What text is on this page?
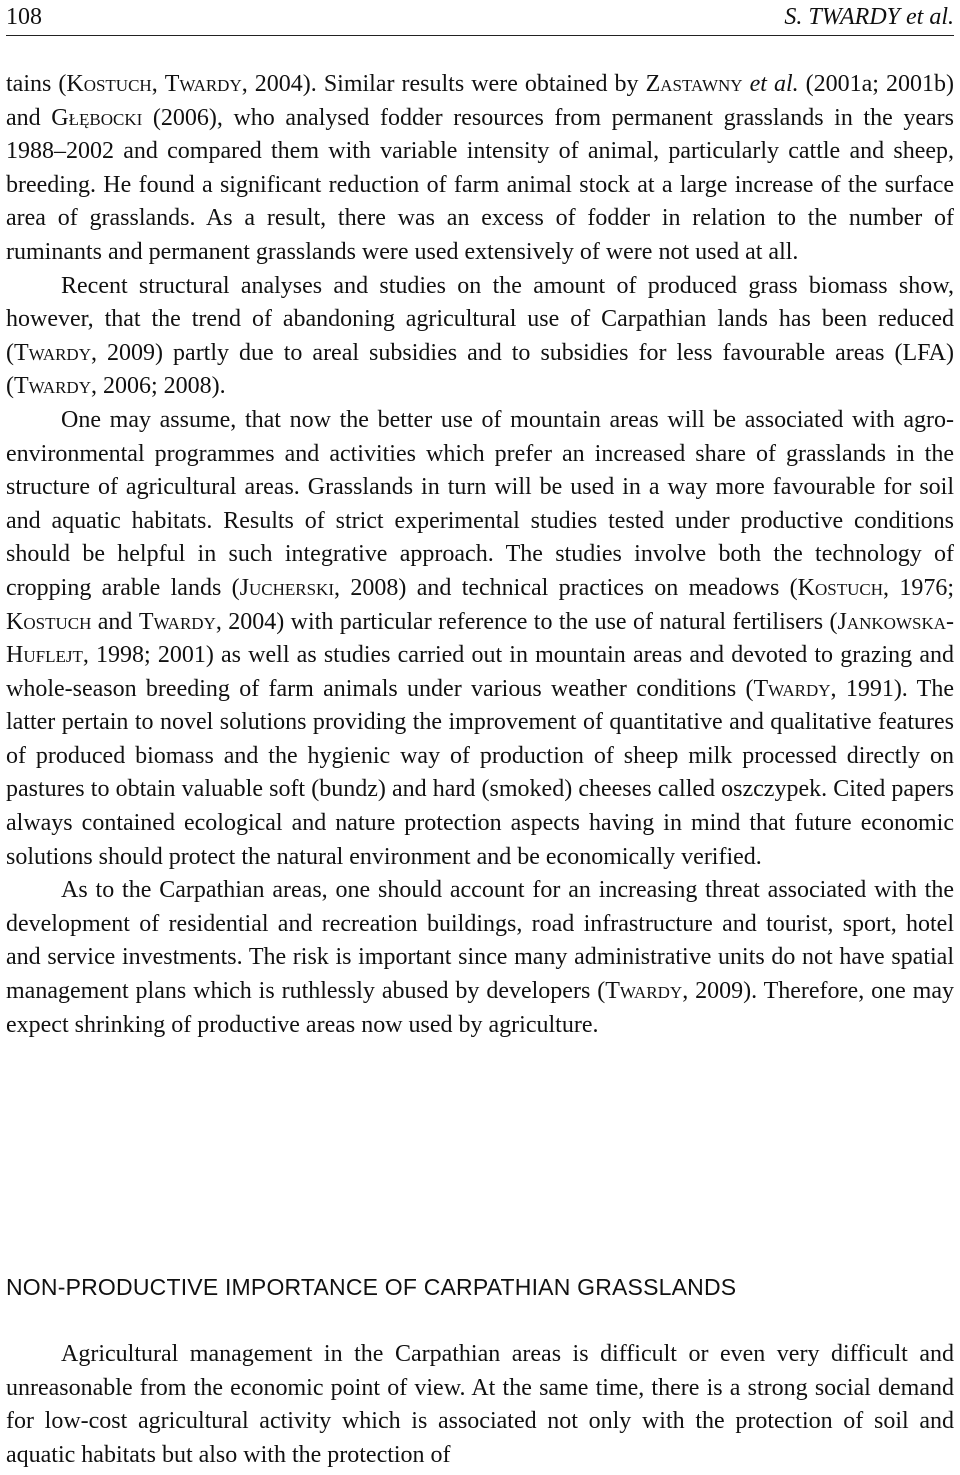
108	S. TWARDY et al.

tains (Kostuch, Twardy, 2004). Similar results were obtained by Zastawny et al. (2001a; 2001b) and Głębocki (2006), who analysed fodder resources from permanent grasslands in the years 1988–2002 and compared them with variable intensity of animal, particularly cattle and sheep, breeding. He found a significant reduction of farm animal stock at a large increase of the surface area of grasslands. As a result, there was an excess of fodder in relation to the number of ruminants and permanent grasslands were used extensively of were not used at all.

Recent structural analyses and studies on the amount of produced grass biomass show, however, that the trend of abandoning agricultural use of Carpathian lands has been reduced (Twardy, 2009) partly due to areal subsidies and to subsidies for less favourable areas (LFA) (Twardy, 2006; 2008).

One may assume, that now the better use of mountain areas will be associated with agro-environmental programmes and activities which prefer an increased share of grasslands in the structure of agricultural areas. Grasslands in turn will be used in a way more favourable for soil and aquatic habitats. Results of strict experimental studies tested under productive conditions should be helpful in such integrative approach. The studies involve both the technology of cropping arable lands (Jucherski, 2008) and technical practices on meadows (Kostuch, 1976; Kostuch and Twardy, 2004) with particular reference to the use of natural fertilisers (Jankowska-Huflejt, 1998; 2001) as well as studies carried out in mountain areas and devoted to grazing and whole-season breeding of farm animals under various weather conditions (Twardy, 1991). The latter pertain to novel solutions providing the improvement of quantitative and qualitative features of produced biomass and the hygienic way of production of sheep milk processed directly on pastures to obtain valuable soft (bundz) and hard (smoked) cheeses called oszczypek. Cited papers always contained ecological and nature protection aspects having in mind that future economic solutions should protect the natural environment and be economically verified.

As to the Carpathian areas, one should account for an increasing threat associated with the development of residential and recreation buildings, road infrastructure and tourist, sport, hotel and service investments. The risk is important since many administrative units do not have spatial management plans which is ruthlessly abused by developers (Twardy, 2009). Therefore, one may expect shrinking of productive areas now used by agriculture.

NON-PRODUCTIVE IMPORTANCE OF CARPATHIAN GRASSLANDS

Agricultural management in the Carpathian areas is difficult or even very difficult and unreasonable from the economic point of view. At the same time, there is a strong social demand for low-cost agricultural activity which is associated not only with the protection of soil and aquatic habitats but also with the protection of
